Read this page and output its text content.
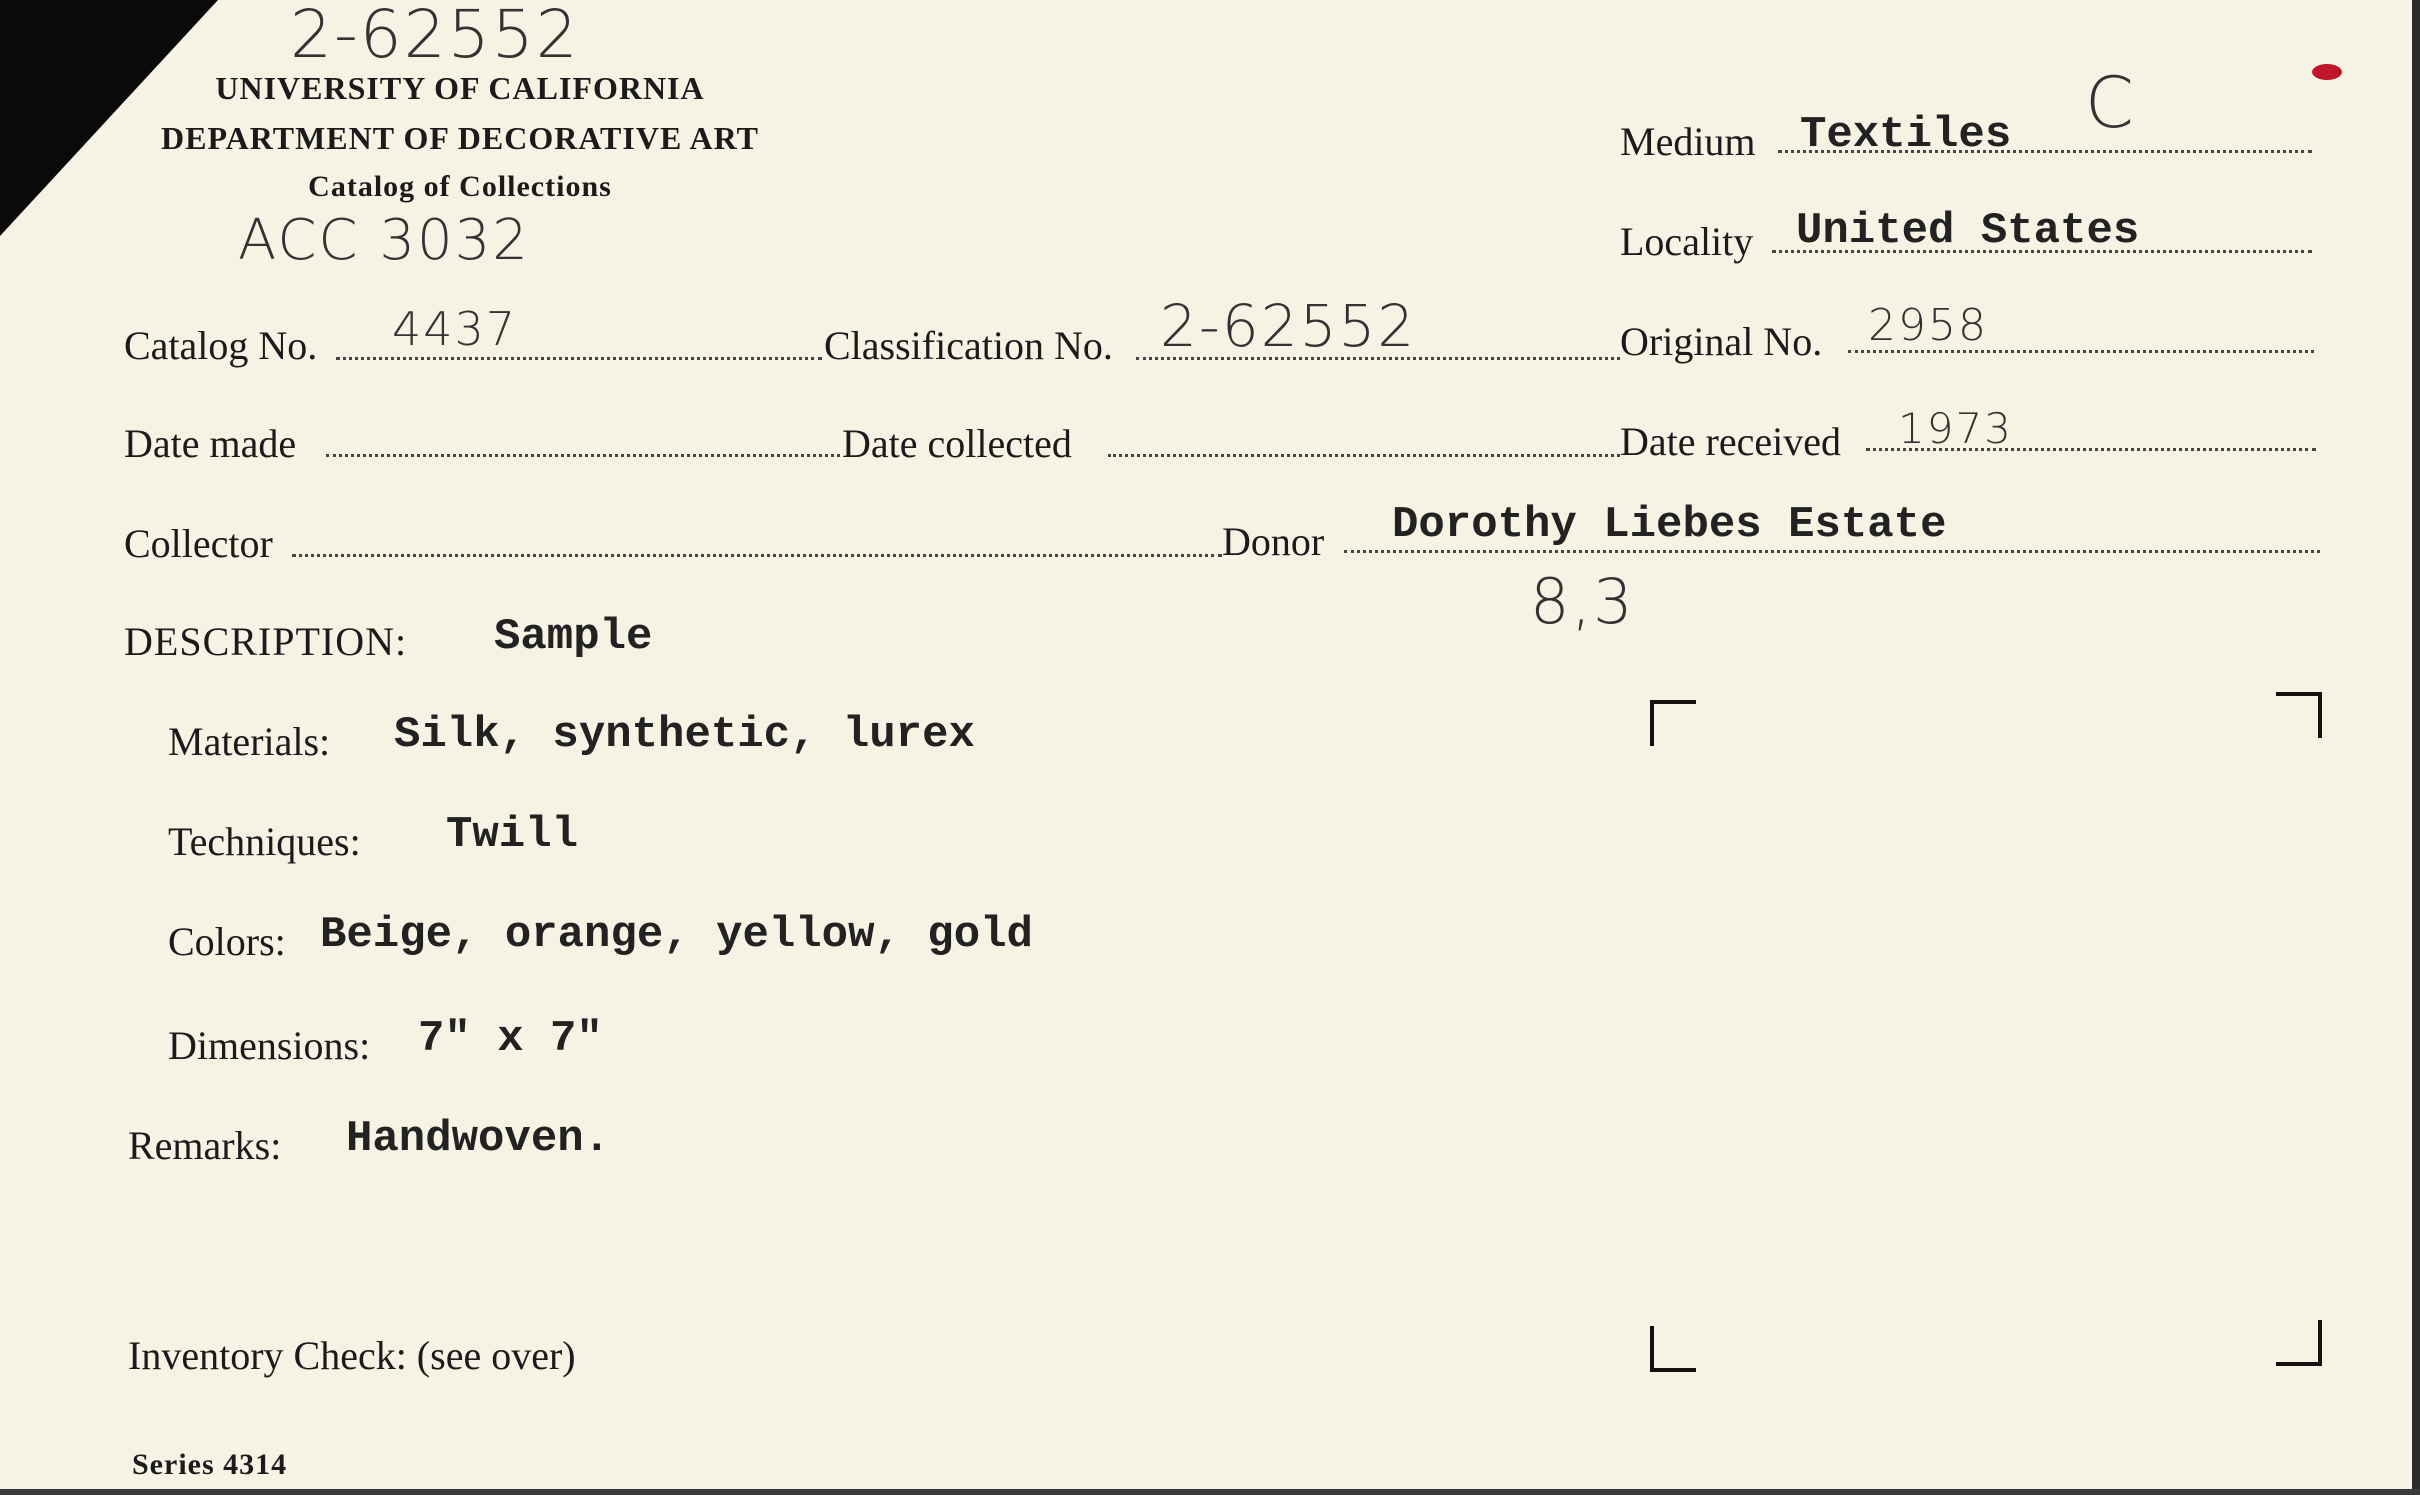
2-62552
ACC 3032
C
8,3
UNIVERSITY OF CALIFORNIA
DEPARTMENT OF DECORATIVE ART
Catalog of Collections
Medium Textiles
Locality United States
Catalog No. 4437	Classification No. 2-62552	Original No. 2958
Date made	Date collected	Date received 1973
Collector	Donor Dorothy Liebes Estate
DESCRIPTION: Sample
Materials: Silk, synthetic, lurex
Techniques: Twill
Colors: Beige, orange, yellow, gold
Dimensions: 7" x 7"
Remarks: Handwoven.
Inventory Check: (see over)
Series 4314
